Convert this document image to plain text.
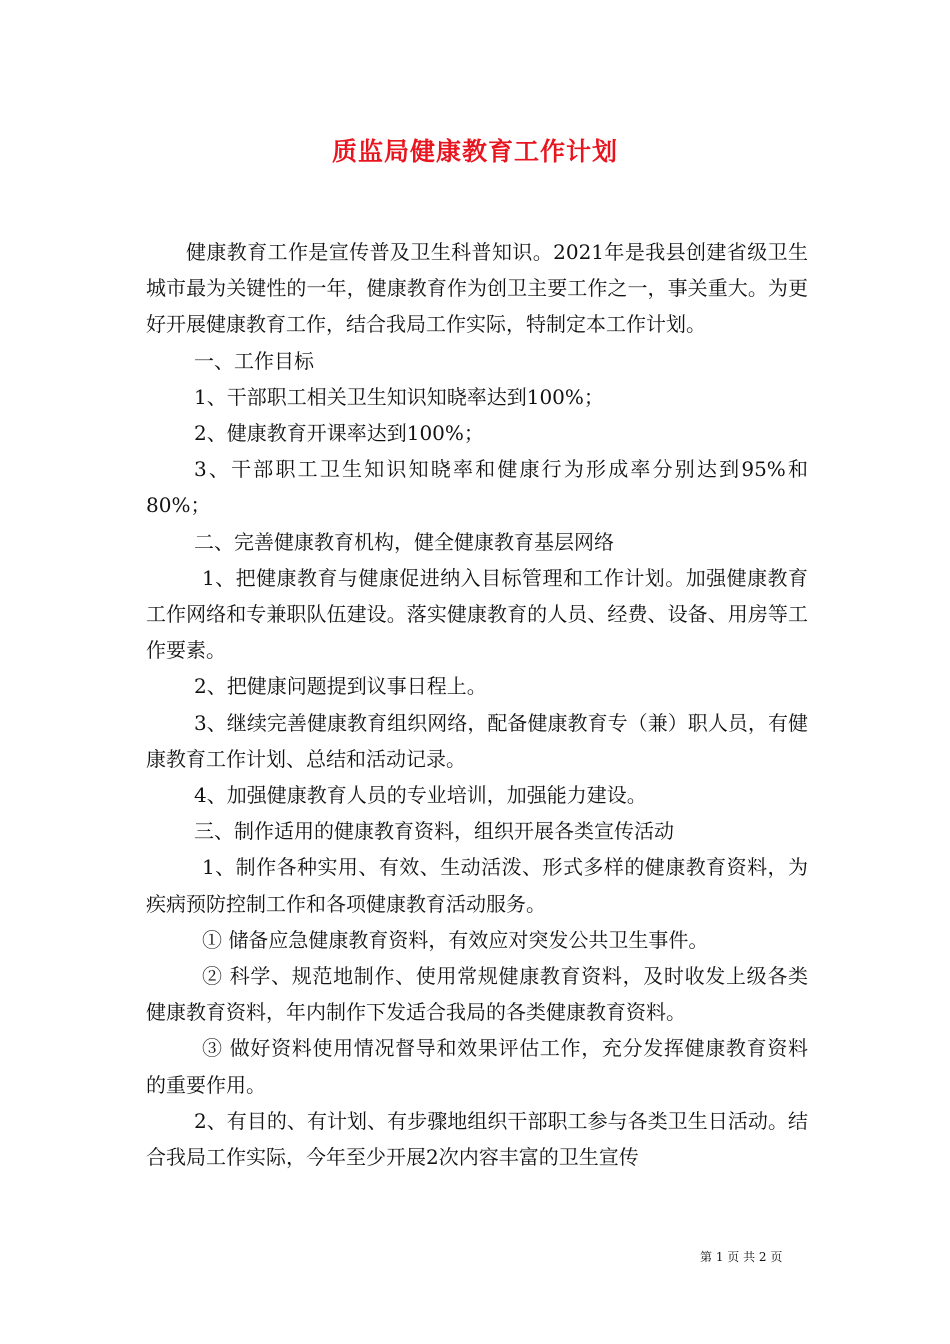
质监局健康教育工作计划

健康教育工作是宣传普及卫生科普知识。2021年是我县创建省级卫生城市最为关键性的一年，健康教育作为创卫主要工作之一，事关重大。为更好开展健康教育工作，结合我局工作实际，特制定本工作计划。

一、工作目标

1、干部职工相关卫生知识知晓率达到100%；

2、健康教育开课率达到100%；

3、干部职工卫生知识知晓率和健康行为形成率分别达到95%和80%；

二、完善健康教育机构，健全健康教育基层网络

1、把健康教育与健康促进纳入目标管理和工作计划。加强健康教育工作网络和专兼职队伍建设。落实健康教育的人员、经费、设备、用房等工作要素。

2、把健康问题提到议事日程上。

3、继续完善健康教育组织网络，配备健康教育专（兼）职人员，有健康教育工作计划、总结和活动记录。

4、加强健康教育人员的专业培训，加强能力建设。

三、制作适用的健康教育资料，组织开展各类宣传活动

1、制作各种实用、有效、生动活泼、形式多样的健康教育资料，为疾病预防控制工作和各项健康教育活动服务。

① 储备应急健康教育资料，有效应对突发公共卫生事件。

② 科学、规范地制作、使用常规健康教育资料，及时收发上级各类健康教育资料，年内制作下发适合我局的各类健康教育资料。

③ 做好资料使用情况督导和效果评估工作，充分发挥健康教育资料的重要作用。

2、有目的、有计划、有步骤地组织干部职工参与各类卫生日活动。结合我局工作实际，今年至少开展2次内容丰富的卫生宣传

第 1 页 共 2 页
